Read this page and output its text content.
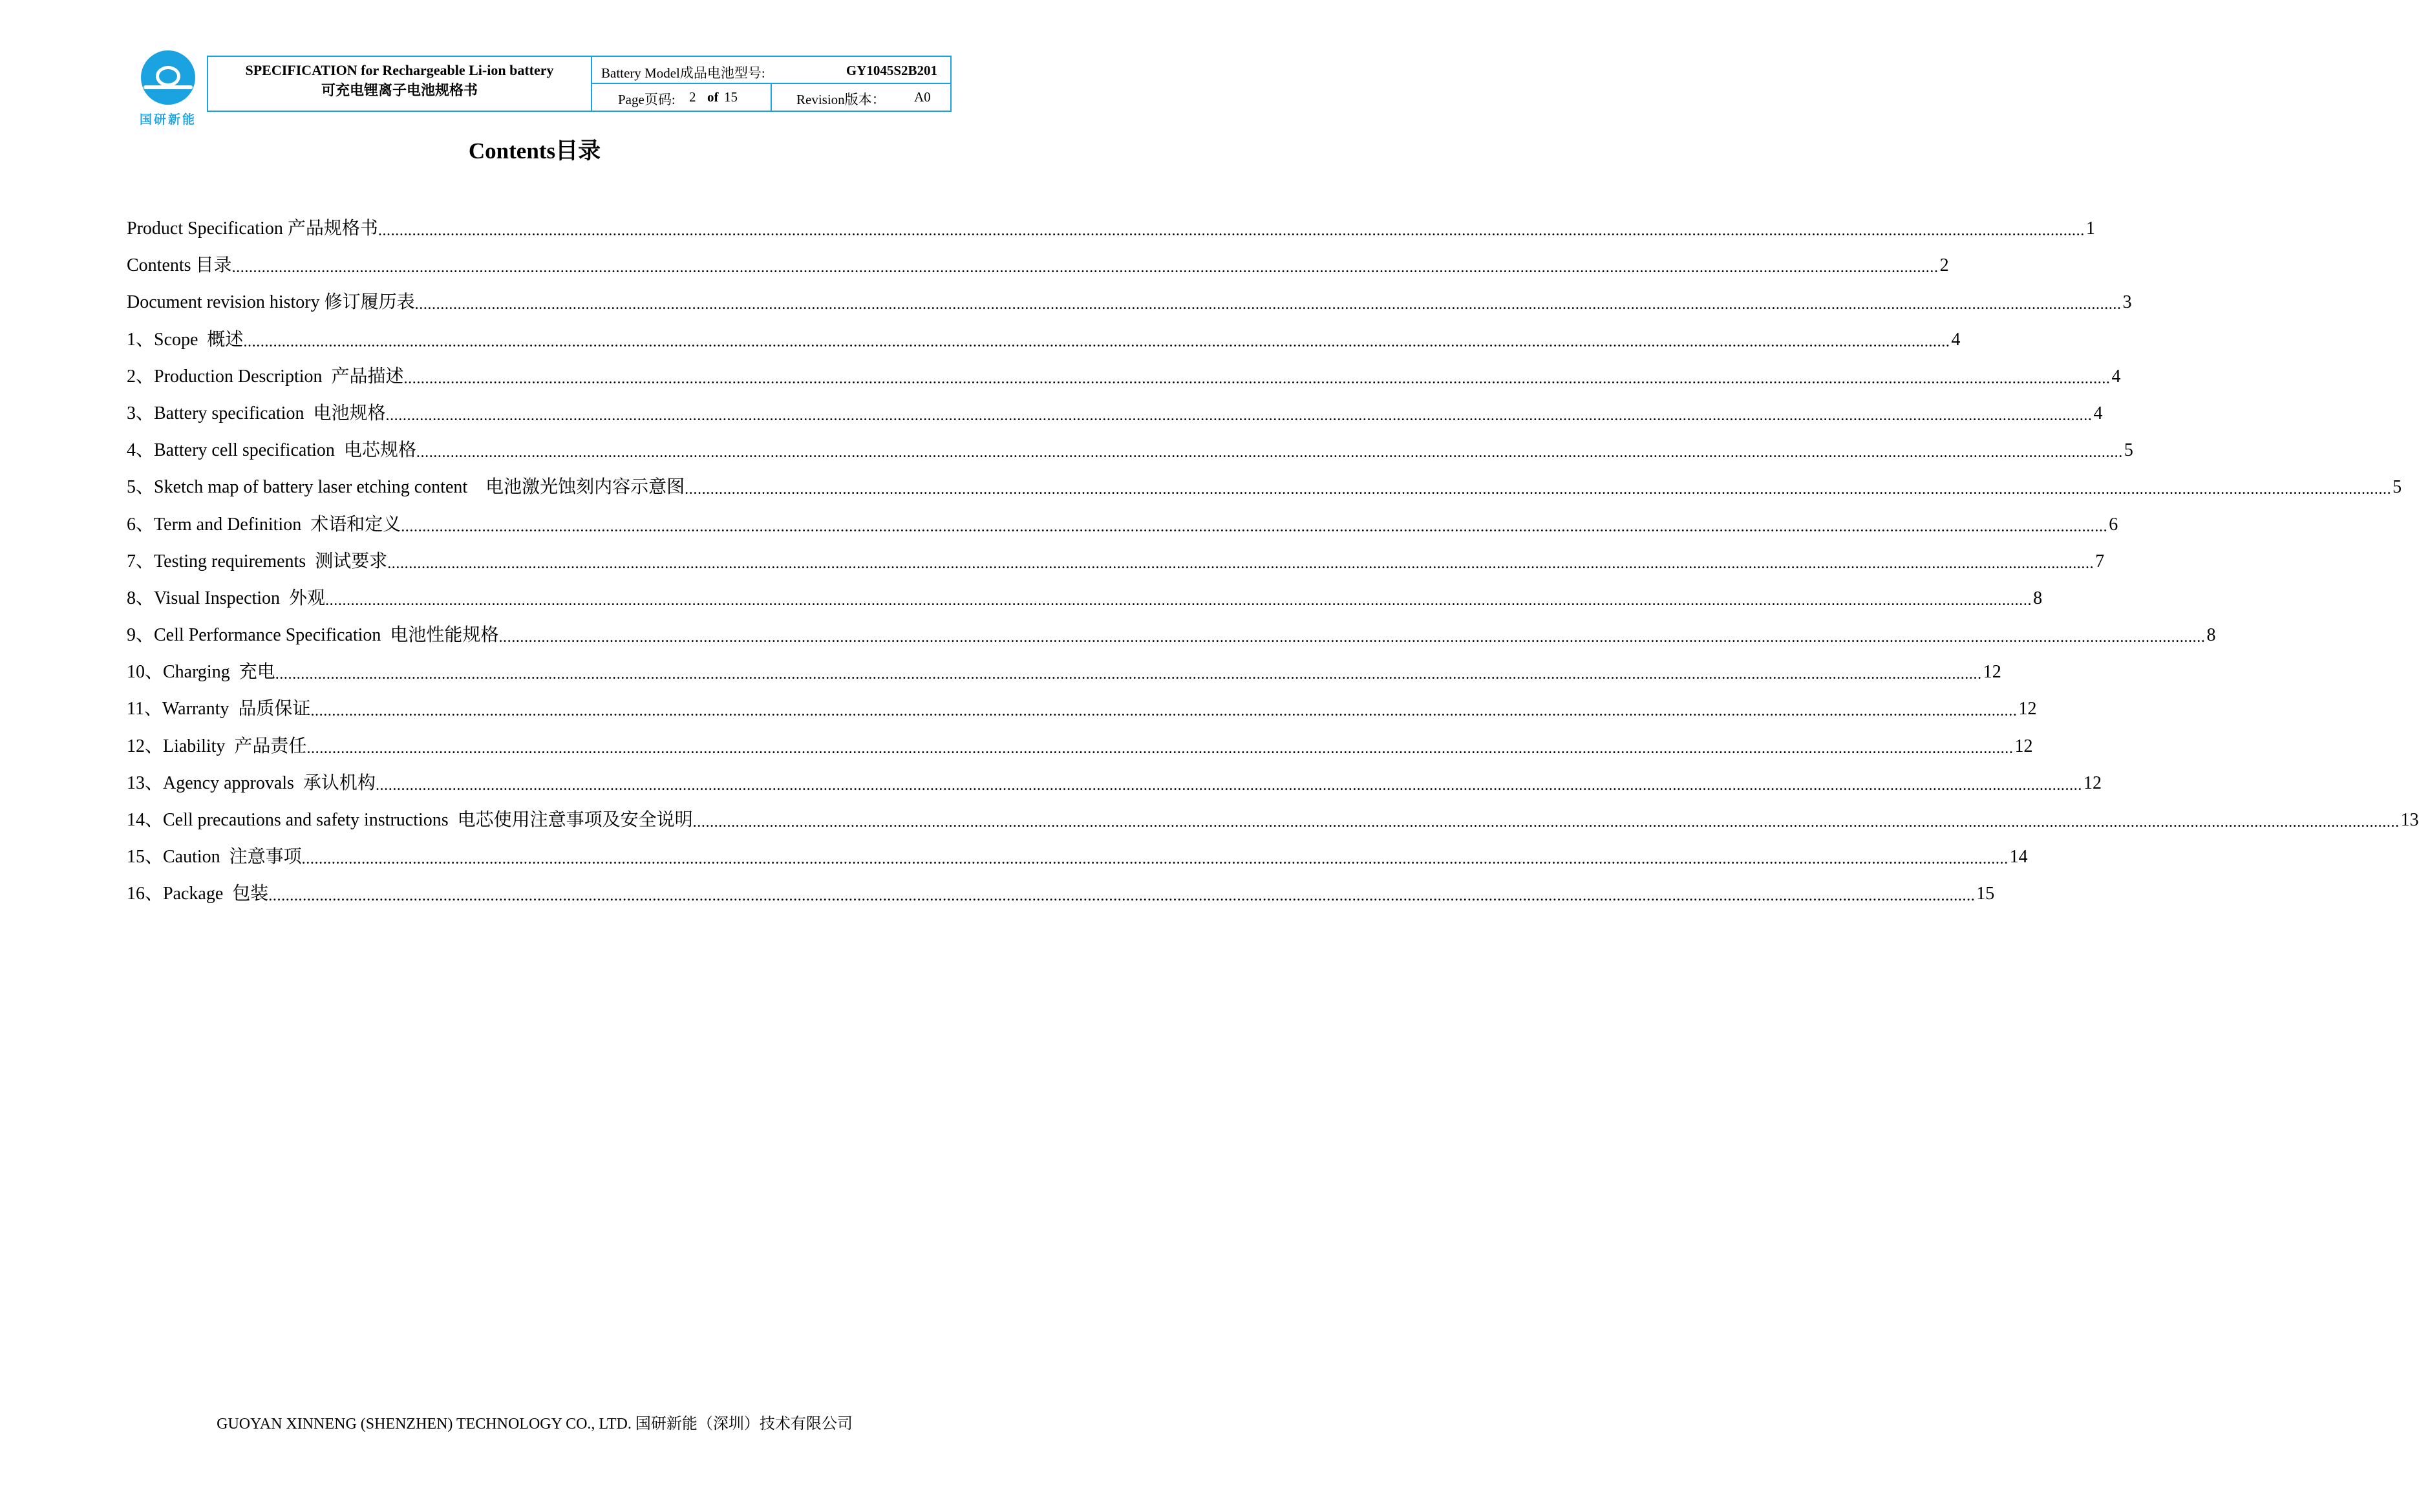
国研新能
SPECIFICATION for Rechargeable Li-ion battery
可充电锂离子电池规格书
Battery Model成品电池型号:	GY1045S2B201
Page页码: 2 of 15	Revision版本： A0
Contents目录
Product Specification 产品规格书 ................................................................................................................................................................................................................................................................................................................................................................................................................ 1
Contents 目录 ................................................................................................................................................................................................................................................................................................................................................................................................................ 2
Document revision history 修订履历表 ................................................................................................................................................................................................................................................................................................................................................................................................................ 3
1、Scope  概述 ................................................................................................................................................................................................................................................................................................................................................................................................................ 4
2、Production Description  产品描述 ................................................................................................................................................................................................................................................................................................................................................................................................................ 4
3、Battery specification  电池规格 ................................................................................................................................................................................................................................................................................................................................................................................................................ 4
4、Battery cell specification  电芯规格 ................................................................................................................................................................................................................................................................................................................................................................................................................ 5
5、Sketch map of battery laser etching content    电池激光蚀刻内容示意图 ................................................................................................................................................................................................................................................................................................................................................................................................................ 5
6、Term and Definition  术语和定义 ................................................................................................................................................................................................................................................................................................................................................................................................................ 6
7、Testing requirements  测试要求 ................................................................................................................................................................................................................................................................................................................................................................................................................ 7
8、Visual Inspection  外观 ................................................................................................................................................................................................................................................................................................................................................................................................................ 8
9、Cell Performance Specification  电池性能规格 ................................................................................................................................................................................................................................................................................................................................................................................................................ 8
10、Charging  充电 ................................................................................................................................................................................................................................................................................................................................................................................................................ 12
11、Warranty  品质保证 ................................................................................................................................................................................................................................................................................................................................................................................................................ 12
12、Liability  产品责任 ................................................................................................................................................................................................................................................................................................................................................................................................................ 12
13、Agency approvals  承认机构 ................................................................................................................................................................................................................................................................................................................................................................................................................ 12
14、Cell precautions and safety instructions  电芯使用注意事项及安全说明 ................................................................................................................................................................................................................................................................................................................................................................................................................ 13
15、Caution  注意事项 ................................................................................................................................................................................................................................................................................................................................................................................................................ 14
16、Package  包装 ................................................................................................................................................................................................................................................................................................................................................................................................................ 15
GUOYAN XINNENG (SHENZHEN) TECHNOLOGY CO., LTD. 国研新能（深圳）技术有限公司
